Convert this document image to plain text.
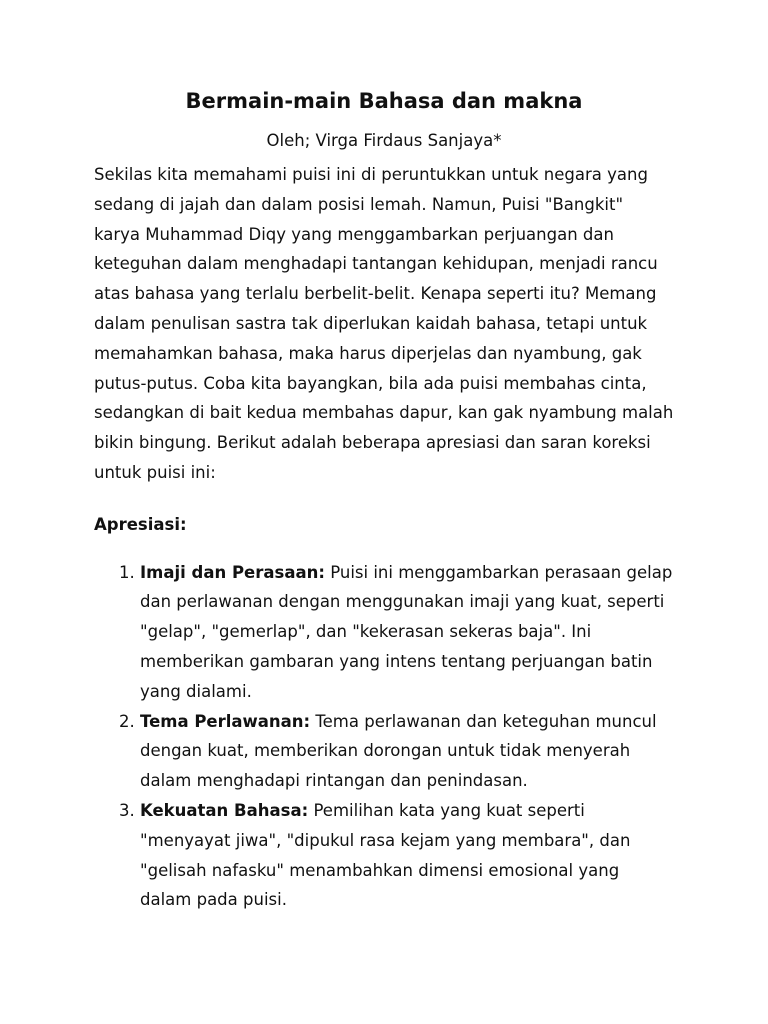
Bermain-main Bahasa dan makna

Oleh; Virga Firdaus Sanjaya*

Sekilas kita memahami puisi ini di peruntukkan untuk negara yang sedang di jajah dan dalam posisi lemah. Namun, Puisi "Bangkit" karya Muhammad Diqy yang menggambarkan perjuangan dan keteguhan dalam menghadapi tantangan kehidupan, menjadi rancu atas bahasa yang terlalu berbelit-belit. Kenapa seperti itu? Memang dalam penulisan sastra tak diperlukan kaidah bahasa, tetapi untuk memahamkan bahasa, maka harus diperjelas dan nyambung, gak putus-putus. Coba kita bayangkan, bila ada puisi membahas cinta, sedangkan di bait kedua membahas dapur, kan gak nyambung malah bikin bingung. Berikut adalah beberapa apresiasi dan saran koreksi untuk puisi ini:

Apresiasi:

1. Imaji dan Perasaan: Puisi ini menggambarkan perasaan gelap dan perlawanan dengan menggunakan imaji yang kuat, seperti "gelap", "gemerlap", dan "kekerasan sekeras baja". Ini memberikan gambaran yang intens tentang perjuangan batin yang dialami.
2. Tema Perlawanan: Tema perlawanan dan keteguhan muncul dengan kuat, memberikan dorongan untuk tidak menyerah dalam menghadapi rintangan dan penindasan.
3. Kekuatan Bahasa: Pemilihan kata yang kuat seperti "menyayat jiwa", "dipukul rasa kejam yang membara", dan "gelisah nafasku" menambahkan dimensi emosional yang dalam pada puisi.
